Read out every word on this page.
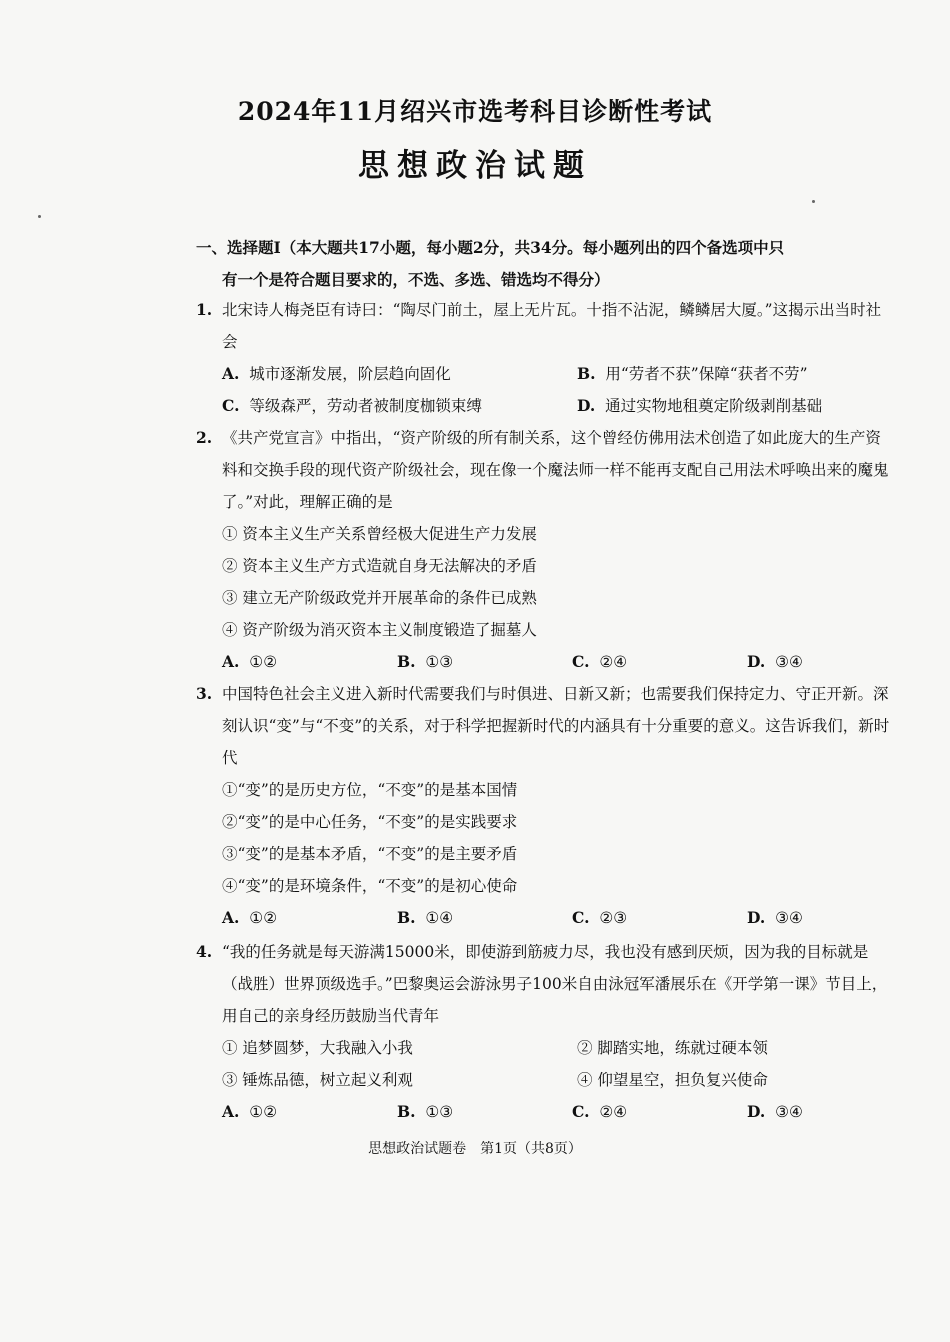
2024年11月绍兴市选考科目诊断性考试
思想政治试题
一、选择题Ⅰ（本大题共17小题，每小题2分，共34分。每小题列出的四个备选项中只
有一个是符合题目要求的，不选、多选、错选均不得分）
1. 北宋诗人梅尧臣有诗曰：“陶尽门前土，屋上无片瓦。十指不沾泥，鳞鳞居大厦。”这揭示出当时社会
A. 城市逐渐发展，阶层趋向固化	B. 用“劳者不获”保障“获者不劳”
C. 等级森严，劳动者被制度枷锁束缚	D. 通过实物地租奠定阶级剥削基础
2. 《共产党宣言》中指出，“资产阶级的所有制关系，这个曾经仿佛用法术创造了如此庞大的生产资料和交换手段的现代资产阶级社会，现在像一个魔法师一样不能再支配自己用法术呼唤出来的魔鬼了。”对此，理解正确的是
① 资本主义生产关系曾经极大促进生产力发展
② 资本主义生产方式造就自身无法解决的矛盾
③ 建立无产阶级政党并开展革命的条件已成熟
④ 资产阶级为消灭资本主义制度锻造了掘墓人
A. ①②	B. ①③	C. ②④	D. ③④
3. 中国特色社会主义进入新时代需要我们与时俱进、日新又新；也需要我们保持定力、守正开新。深刻认识“变”与“不变”的关系，对于科学把握新时代的内涵具有十分重要的意义。这告诉我们，新时代
①“变”的是历史方位，“不变”的是基本国情
②“变”的是中心任务，“不变”的是实践要求
③“变”的是基本矛盾，“不变”的是主要矛盾
④“变”的是环境条件，“不变”的是初心使命
A. ①②	B. ①④	C. ②③	D. ③④
4. “我的任务就是每天游满15000米，即使游到筋疲力尽，我也没有感到厌烦，因为我的目标就是（战胜）世界顶级选手。”巴黎奥运会游泳男子100米自由泳冠军潘展乐在《开学第一课》节目上，用自己的亲身经历鼓励当代青年
① 追梦圆梦，大我融入小我	② 脚踏实地，练就过硬本领
③ 锤炼品德，树立起义利观	④ 仰望星空，担负复兴使命
A. ①②	B. ①③	C. ②④	D. ③④
思想政治试题卷　第1页（共8页）
